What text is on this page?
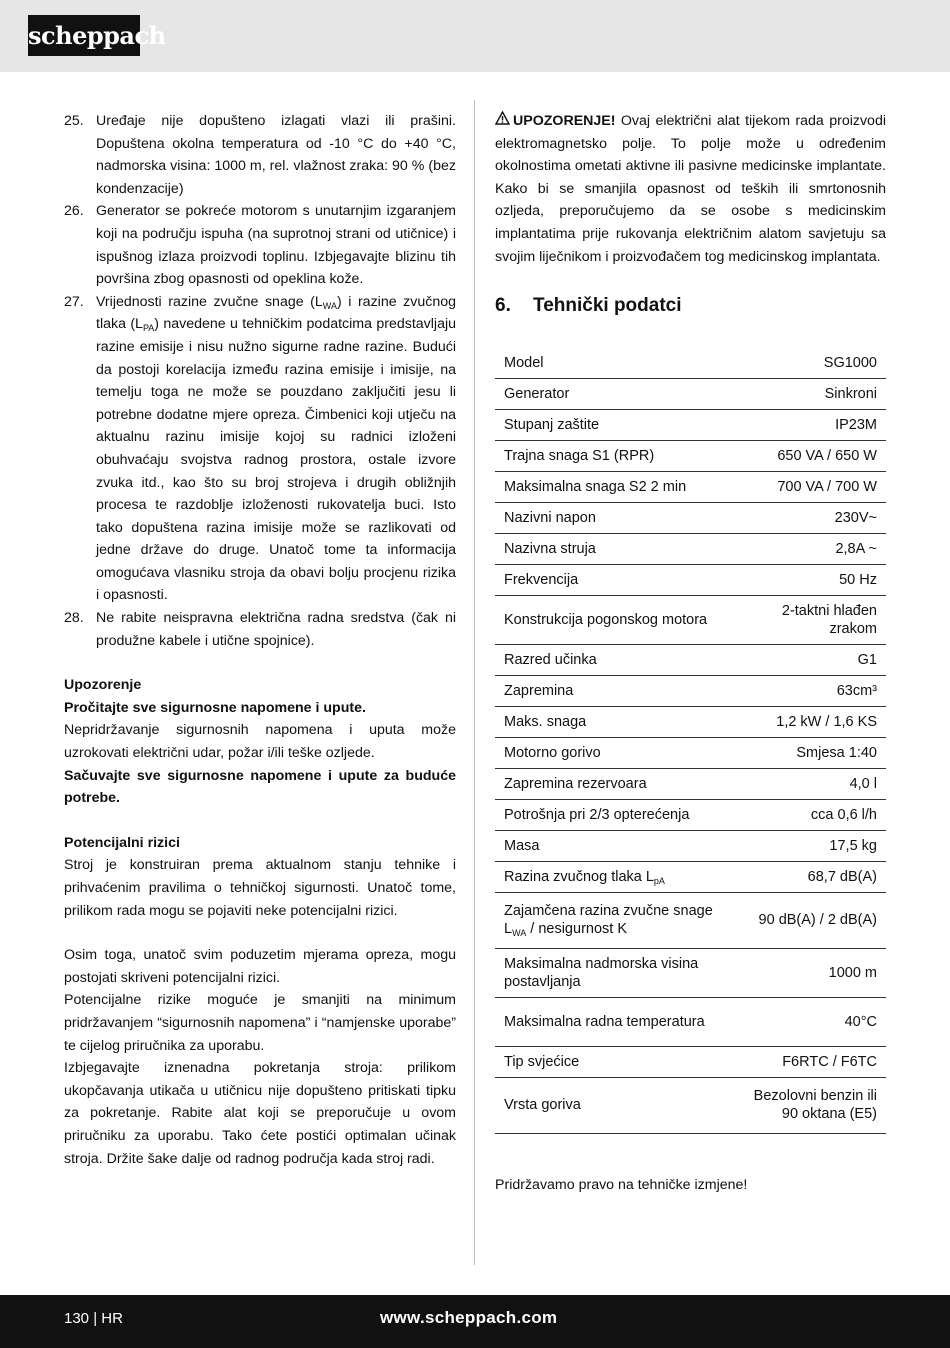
scheppach
25. Uređaje nije dopušteno izlagati vlazi ili prašini. Dopuštena okolna temperatura od -10 °C do +40 °C, nadmorska visina: 1000 m, rel. vlažnost zraka: 90 % (bez kondenzacije)
26. Generator se pokreće motorom s unutarnjim izgaranjem koji na području ispuha (na suprotnoj strani od utičnice) i ispušnog izlaza proizvodi toplinu. Izbjegavajte blizinu tih površina zbog opasnosti od opeklina kože.
27. Vrijednosti razine zvučne snage $(L_{WA})$ i razine zvučnog tlaka $(L_{PA})$ navedene u tehničkim podatcima predstavljaju razine emisije i nisu nužno sigurne radne razine. Budući da postoji korelacija između razina emisije i imisije, na temelju toga ne može se pouzdano zaključiti jesu li potrebne dodatne mjere opreza. Čimbenici koji utječu na aktualnu razinu imisije kojoj su radnici izloženi obuhvaćaju svojstva radnog prostora, ostale izvore zvuka itd., kao što su broj strojeva i drugih obližnjih procesa te razdoblje izloženosti rukovatelja buci. Isto tako dopuštena razina imisije može se razlikovati od jedne države do druge. Unatoč tome ta informacija omogućava vlasniku stroja da obavi bolju procjenu rizika i opasnosti.
28. Ne rabite neispravna električna radna sredstva (čak ni produžne kabele i utične spojnice).
Upozorenje
Pročitajte sve sigurnosne napomene i upute.
Nepridržavanje sigurnosnih napomena i uputa može uzrokovati električni udar, požar i/ili teške ozljede.
Sačuvajte sve sigurnosne napomene i upute za buduće potrebe.
Potencijalni rizici
Stroj je konstruiran prema aktualnom stanju tehnike i prihvaćenim pravilima o tehničkoj sigurnosti. Unatoč tome, prilikom rada mogu se pojaviti neke potencijalni rizici.
Osim toga, unatoč svim poduzetim mjerama opreza, mogu postojati skriveni potencijalni rizici.
Potencijalne rizike moguće je smanjiti na minimum pridržavanjem “sigurnosnih napomena” i “namjenske uporabe” te cijelog priručnika za uporabu.
Izbjegavajte iznenadna pokretanja stroja: prilikom ukopčavanja utikača u utičnicu nije dopušteno pritiskati tipku za pokretanje. Rabite alat koji se preporučuje u ovom priručniku za uporabu. Tako ćete postići optimalan učinak stroja. Držite šake dalje od radnog područja kada stroj radi.
UPOZORENJE! Ovaj električni alat tijekom rada proizvodi elektromagnetsko polje. To polje može u određenim okolnostima ometati aktivne ili pasivne medicinske implantate. Kako bi se smanjila opasnost od teških ili smrtonosnih ozljeda, preporučujemo da se osobe s medicinskim implantatima prije rukovanja električnim alatom savjetuju sa svojim liječnikom i proizvođačem tog medicinskog implantata.
6.	Tehnički podatci
Model	SG1000
Generator	Sinkroni
Stupanj zaštite	IP23M
Trajna snaga S1 (RPR)	650 VA / 650 W
Maksimalna snaga S2 2 min	700 VA / 700 W
Nazivni napon	230V~
Nazivna struja	2,8A ~
Frekvencija	50 Hz
Konstrukcija pogonskog motora	2-taktni hlađen zrakom
Razred učinka	G1
Zapremina	63cm³
Maks. snaga	1,2 kW / 1,6 KS
Motorno gorivo	Smjesa 1:40
Zapremina rezervoara	4,0 l
Potrošnja pri 2/3 opterećenja	cca 0,6 l/h
Masa	17,5 kg
Razina zvučnog tlaka $L_{pA}$	68,7 dB(A)
Zajamčena razina zvučne snage $L_{WA}$ / nesigurnost K	90 dB(A) / 2 dB(A)
Maksimalna nadmorska visina postavljanja	1000 m
Maksimalna radna temperatura	40°C
Tip svjećice	F6RTC / F6TC
Vrsta goriva	Bezolovni benzin ili 90 oktana (E5)
Pridržavamo pravo na tehničke izmjene!
130 | HR	www.scheppach.com
